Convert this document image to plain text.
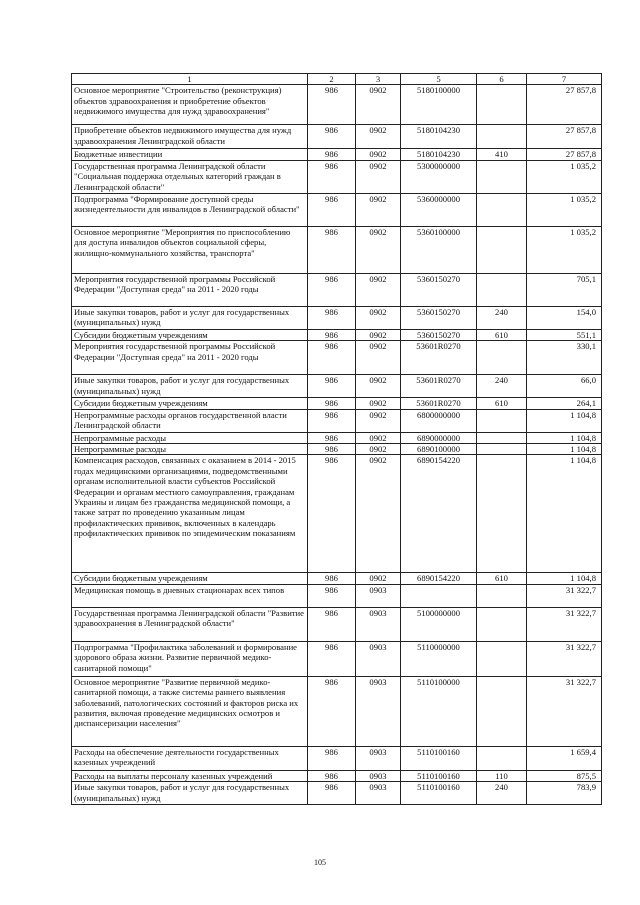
1	2	3	5	6	7
Основное мероприятие "Строительство (реконструкция) объектов здравоохранения и приобретение объектов недвижимого имущества для нужд здравоохранения"	986	0902	5180100000		27 857,8
Приобретение объектов недвижимого имущества для нужд здравоохранения Ленинградской области	986	0902	5180104230		27 857,8
Бюджетные инвестиции	986	0902	5180104230	410	27 857,8
Государственная программа Ленинградской области "Социальная поддержка отдельных категорий граждан в Ленинградской области"	986	0902	5300000000		1 035,2
Подпрограмма "Формирование доступной среды жизнедеятельности для инвалидов в Ленинградской области"	986	0902	5360000000		1 035,2
Основное мероприятие "Мероприятия по приспособлению для доступа инвалидов объектов социальной сферы, жилищно-коммунального хозяйства, транспорта"	986	0902	5360100000		1 035,2
Мероприятия государственной программы Российской Федерации "Доступная среда" на 2011 - 2020 годы	986	0902	5360150270		705,1
Иные закупки товаров, работ и услуг для государственных (муниципальных) нужд	986	0902	5360150270	240	154,0
Субсидии бюджетным учреждениям	986	0902	5360150270	610	551,1
Мероприятия государственной программы Российской Федерации "Доступная среда" на 2011 - 2020 годы	986	0902	53601R0270		330,1
Иные закупки товаров, работ и услуг для государственных (муниципальных) нужд	986	0902	53601R0270	240	66,0
Субсидии бюджетным учреждениям	986	0902	53601R0270	610	264,1
Непрограммные расходы органов государственной власти Ленинградской области	986	0902	6800000000		1 104,8
Непрограммные расходы	986	0902	6890000000		1 104,8
Непрограммные расходы	986	0902	6890100000		1 104,8
Компенсация расходов, связанных с оказанием в 2014 - 2015 годах медицинскими организациями, подведомственными органам исполнительной власти субъектов Российской Федерации и органам местного самоуправления, гражданам Украины и лицам без гражданства медицинской помощи, а также затрат по проведению указанным лицам профилактических прививок, включенных в календарь профилактических прививок по эпидемическим показаниям	986	0902	6890154220		1 104,8
Субсидии бюджетным учреждениям	986	0902	6890154220	610	1 104,8
Медицинская помощь в дневных стационарах всех типов	986	0903			31 322,7
Государственная программа Ленинградской области "Развитие здравоохранения в Ленинградской области"	986	0903	5100000000		31 322,7
Подпрограмма "Профилактика заболеваний и формирование здорового образа жизни. Развитие первичной медико-санитарной помощи"	986	0903	5110000000		31 322,7
Основное мероприятие "Развитие первичной медико-санитарной помощи, а также системы раннего выявления заболеваний, патологических состояний и факторов риска их развития, включая проведение медицинских осмотров и диспансеризации населения"	986	0903	5110100000		31 322,7
Расходы на обеспечение деятельности государственных казенных учреждений	986	0903	5110100160		1 659,4
Расходы на выплаты персоналу казенных учреждений	986	0903	5110100160	110	875,5
Иные закупки товаров, работ и услуг для государственных (муниципальных) нужд	986	0903	5110100160	240	783,9
105
